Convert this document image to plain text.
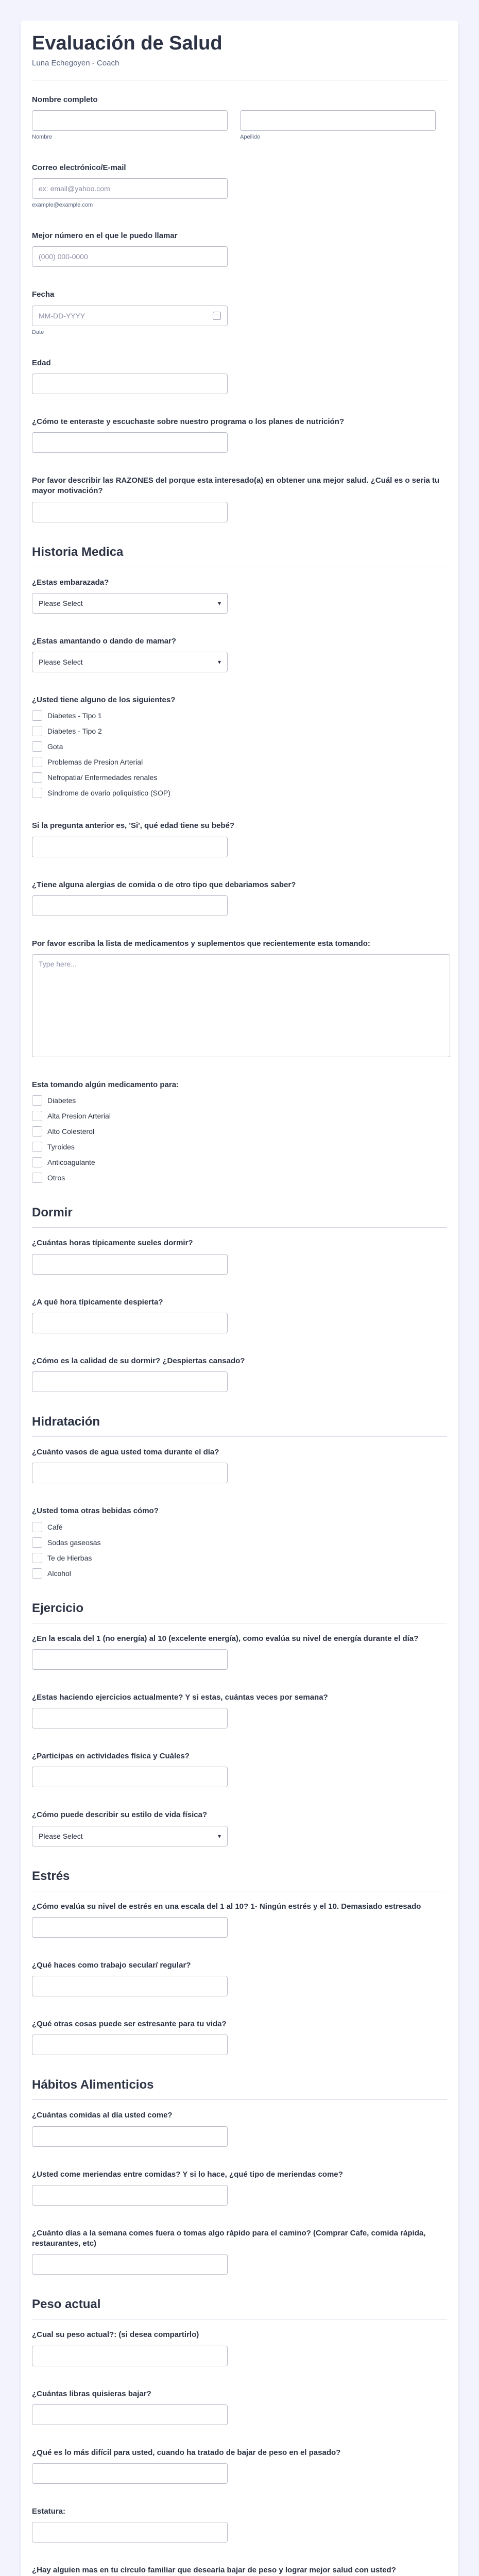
Evaluación de Salud
Luna Echegoyen - Coach
Nombre completo
Nombre	Apellido
Correo electrónico/E-mail
ex: email@yahoo.com
example@example.com
Mejor número en el que le puedo llamar
(000) 000-0000
Fecha
MM-DD-YYYY
Date
Edad
¿Cómo te enteraste y escuchaste sobre nuestro programa o los planes de nutrición?
Por favor describir las RAZONES del porque esta interesado(a) en obtener una mejor salud. ¿Cuál es o seria tu mayor motivación?
Historia Medica
¿Estas embarazada?
Please Select	▾
¿Estas amantando o dando de mamar?
Please Select	▾
¿Usted tiene alguno de los siguientes?
Diabetes - Tipo 1
Diabetes - Tipo 2
Gota
Problemas de Presion Arterial
Nefropatia/ Enfermedades renales
Síndrome de ovario poliquístico (SOP)
Si la pregunta anterior es, 'Si', qué edad tiene su bebé?
¿Tiene alguna alergias de comida o de otro tipo que debariamos saber?
Por favor escriba la lista de medicamentos y suplementos que recientemente esta tomando:
Type here...
Esta tomando algún medicamento para:
Diabetes
Alta Presion Arterial
Alto Colesterol
Tyroides
Anticoagulante
Otros
Dormir
¿Cuántas horas típicamente sueles dormir?
¿A qué hora típicamente despierta?
¿Cómo es la calidad de su dormir? ¿Despiertas cansado?
Hidratación
¿Cuánto vasos de agua usted toma durante el día?
¿Usted toma otras bebidas cómo?
Café
Sodas gaseosas
Te de Hierbas
Alcohol
Ejercicio
¿En la escala del 1 (no energía) al 10 (excelente energía), como evalúa su nivel de energía durante el día?
¿Estas haciendo ejercicios actualmente? Y si estas, cuántas veces por semana?
¿Participas en actividades física y Cuáles?
¿Cómo puede describir su estilo de vida física?
Please Select	▾
Estrés
¿Cómo evalúa su nivel de estrés en una escala del 1 al 10? 1- Ningún estrés y el 10. Demasiado estresado
¿Qué haces como trabajo secular/ regular?
¿Qué otras cosas puede ser estresante para tu vida?
Hábitos Alimenticios
¿Cuántas comidas al día usted come?
¿Usted come meriendas entre comidas? Y si lo hace, ¿qué tipo de meriendas come?
¿Cuánto días a la semana comes fuera o tomas algo rápido para el camino? (Comprar Cafe, comida rápida, restaurantes, etc)
Peso actual
¿Cual su peso actual?: (si desea compartirlo)
¿Cuántas libras quisieras bajar?
¿Qué es lo más difícil para usted, cuando ha tratado de bajar de peso en el pasado?
Estatura:
¿Hay alguien mas en tu círculo familiar que desearía bajar de peso y lograr mejor salud con usted?
